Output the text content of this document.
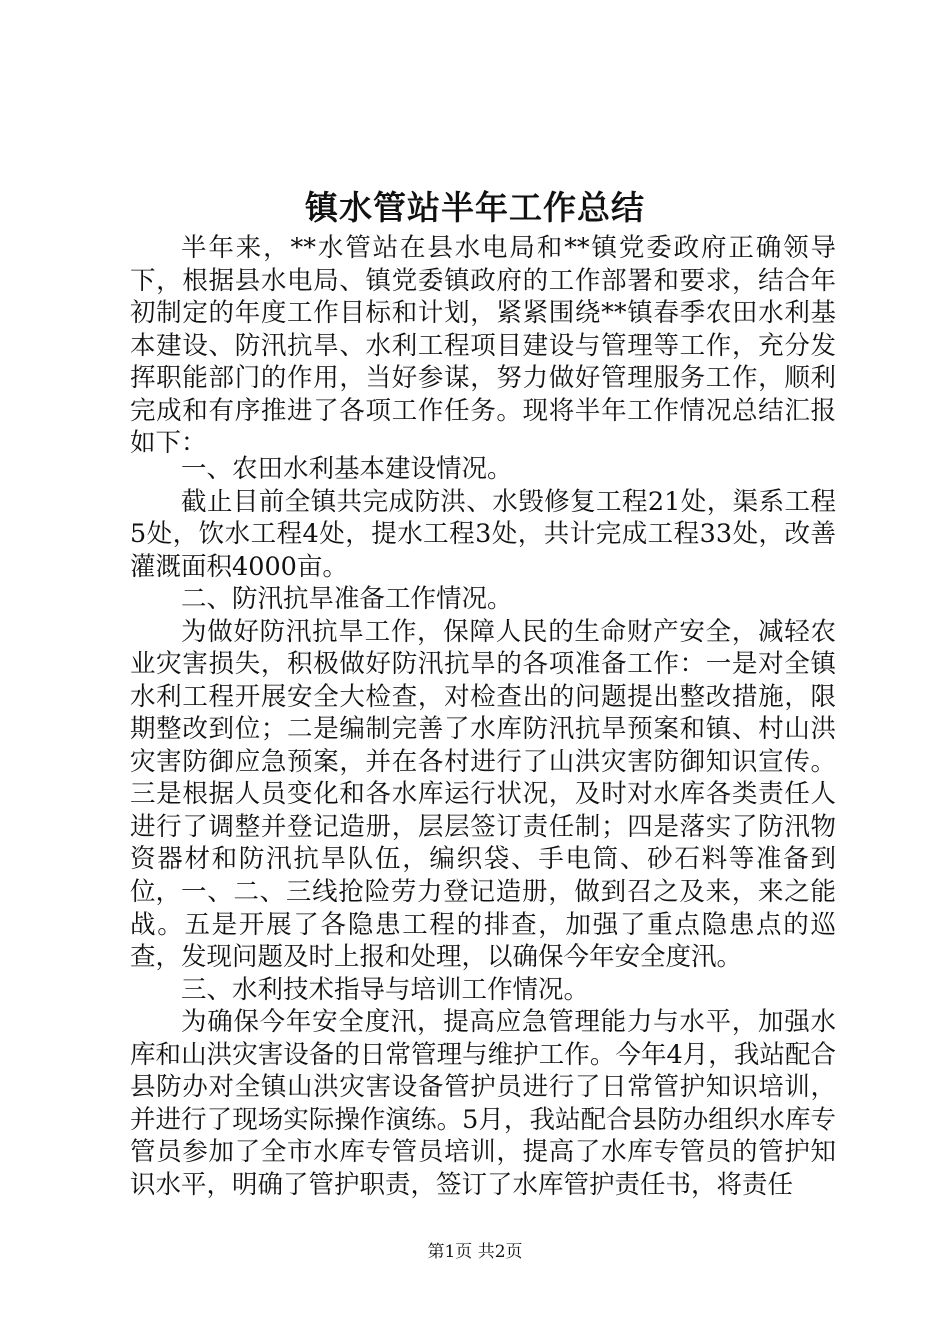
镇水管站半年工作总结

半年来，**水管站在县水电局和**镇党委政府正确领导下，根据县水电局、镇党委镇政府的工作部署和要求，结合年初制定的年度工作目标和计划，紧紧围绕**镇春季农田水利基本建设、防汛抗旱、水利工程项目建设与管理等工作，充分发挥职能部门的作用，当好参谋，努力做好管理服务工作，顺利完成和有序推进了各项工作任务。现将半年工作情况总结汇报如下：

一、农田水利基本建设情况。

截止目前全镇共完成防洪、水毁修复工程21处，渠系工程5处，饮水工程4处，提水工程3处，共计完成工程33处，改善灌溉面积4000亩。

二、防汛抗旱准备工作情况。

为做好防汛抗旱工作，保障人民的生命财产安全，减轻农业灾害损失，积极做好防汛抗旱的各项准备工作：一是对全镇水利工程开展安全大检查，对检查出的问题提出整改措施，限期整改到位；二是编制完善了水库防汛抗旱预案和镇、村山洪灾害防御应急预案，并在各村进行了山洪灾害防御知识宣传。三是根据人员变化和各水库运行状况，及时对水库各类责任人进行了调整并登记造册，层层签订责任制；四是落实了防汛物资器材和防汛抗旱队伍，编织袋、手电筒、砂石料等准备到位， 一、二、三线抢险劳力登记造册，做到召之及来，来之能战。五是开展了各隐患工程的排查，加强了重点隐患点的巡查，发现问题及时上报和处理，以确保今年安全度汛。

三、水利技术指导与培训工作情况。

为确保今年安全度汛，提高应急管理能力与水平，加强水库和山洪灾害设备的日常管理与维护工作。今年4月，我站配合县防办对全镇山洪灾害设备管护员进行了日常管护知识培训，并进行了现场实际操作演练。5月，我站配合县防办组织水库专管员参加了全市水库专管员培训，提高了水库专管员的管护知识水平，明确了管护职责，签订了水库管护责任书，将责任

第1页 共2页
